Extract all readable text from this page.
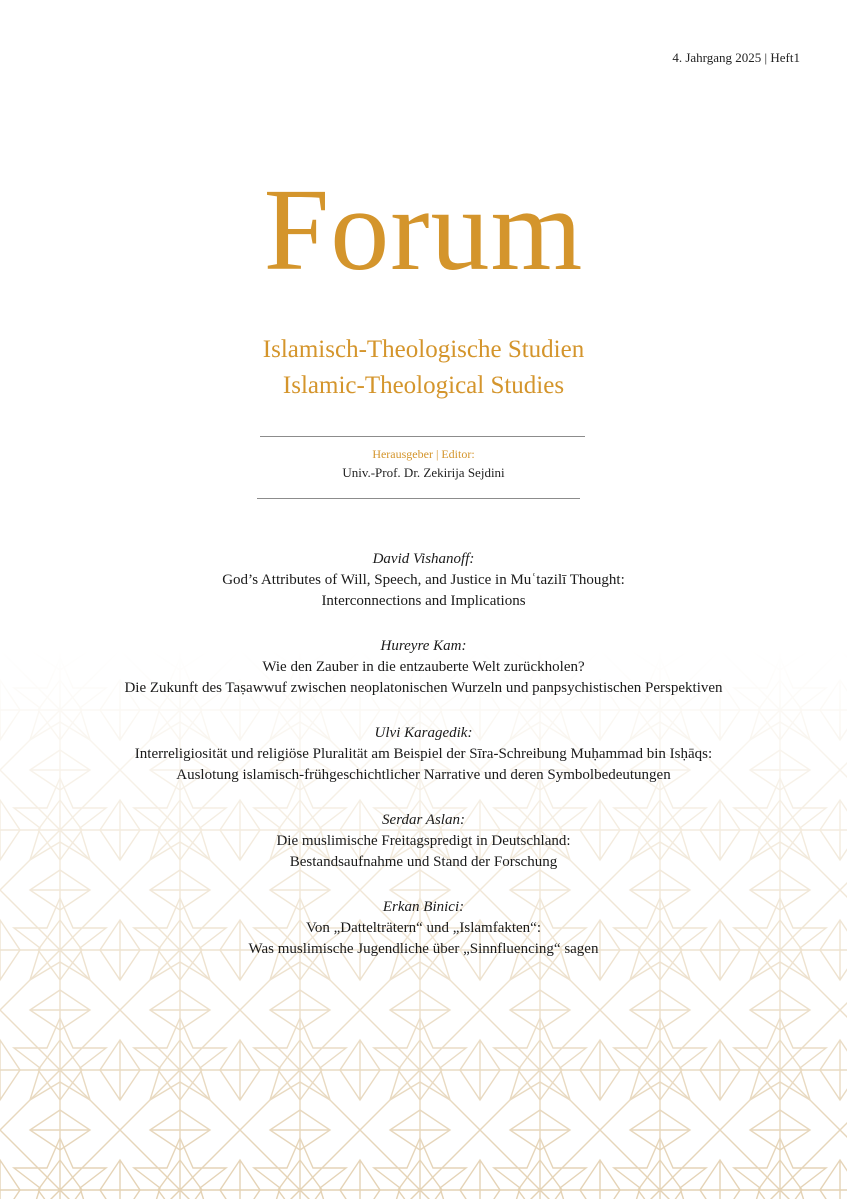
4. Jahrgang 2025 | Heft1
Forum
Islamisch-Theologische Studien
Islamic-Theological Studies
Herausgeber | Editor:
Univ.-Prof. Dr. Zekirija Sejdini
David Vishanoff:
God’s Attributes of Will, Speech, and Justice in Muʿtazilī Thought:
Interconnections and Implications
Hureyre Kam:
Wie den Zauber in die entzauberte Welt zurückholen?
Die Zukunft des Taṣawwuf zwischen neoplatonischen Wurzeln und panpsychistischen Perspektiven
Ulvi Karagedik:
Interreligiosität und religiöse Pluralität am Beispiel der Sīra-Schreibung Muḥammad bin Isḥāqs:
Auslotung islamisch-frühgeschichtlicher Narrative und deren Symbolbedeutungen
Serdar Aslan:
Die muslimische Freitagspredigt in Deutschland:
Bestandsaufnahme und Stand der Forschung
Erkan Binici:
Von „Dattelträtern“ und „Islamfakten“:
Was muslimische Jugendliche über „Sinnfluencing“ sagen
